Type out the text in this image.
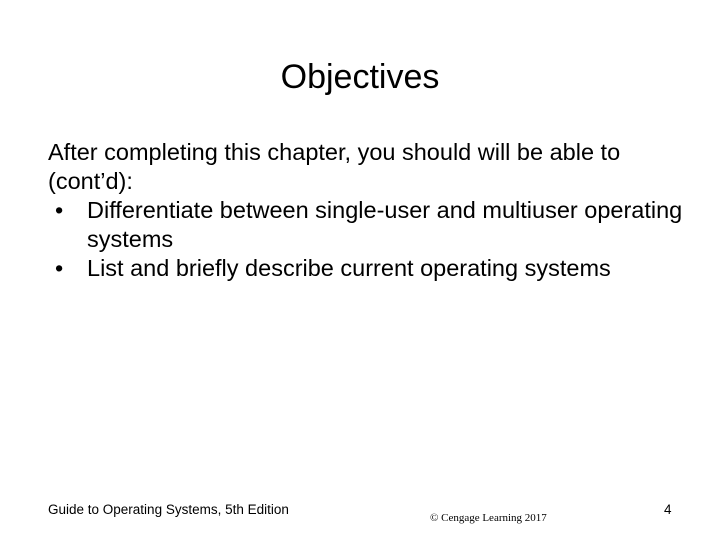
Objectives

After completing this chapter, you should will be able to (cont’d):

• Differentiate between single-user and multiuser operating systems
• List and briefly describe current operating systems
Guide to Operating Systems, 5th Edition
© Cengage Learning 2017
4
